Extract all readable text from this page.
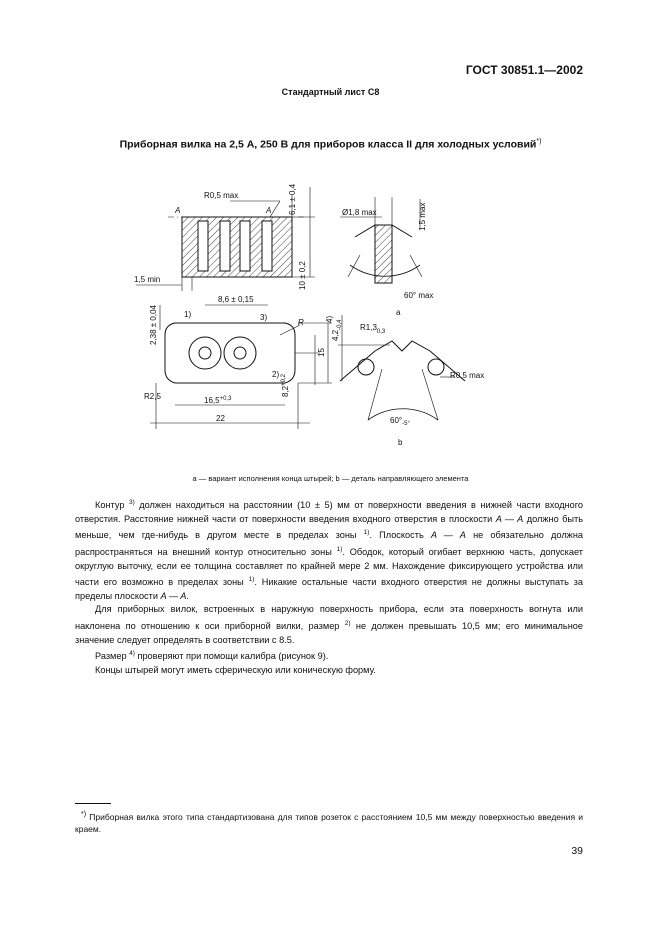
ГОСТ 30851.1—2002
Стандартный лист С8
Приборная вилка на 2,5 А, 250 В для приборов класса II для холодных условий*)
R0,5 max
A	A 6,1 ± 0,4
10 ± 0,2
1,5 min
Ø1,8 max	1,5 max
60° max
a
1)
8,6 ± 0,15
3)
R
2,38 ± 0,04
15
22
$16,5^{+0,3}$
$8,2^{+0,2}$
2)
R2,5
$4,2_{-0,4}$
4)
$R1,3_{0,3}$
R0,5 max
$60^\circ_{-5^\circ}$
b
a — вариант исполнения конца штырей; b — деталь направляющего элемента

Контур $^{3)}$ должен находиться на расстоянии (10 ± 5) мм от поверхности введения в нижней части входного отверстия. Расстояние нижней части от поверхности введения входного отверстия в плоскости A — A должно быть меньше, чем где-нибудь в другом месте в пределах зоны $^{1)}$. Плоскость A — A не обязательно должна распространяться на внешний контур относительно зоны $^{1)}$. Ободок, который огибает верхнюю часть, допускает округлую выточку, если ее толщина составляет по крайней мере 2 мм. Нахождение фиксирующего устройства или части его возможно в пределах зоны $^{1)}$. Никакие остальные части входного отверстия не должны выступать за пределы плоскости A — A.

Для приборных вилок, встроенных в наружную поверхность прибора, если эта поверхность вогнута или наклонена по отношению к оси приборной вилки, размер $^{2)}$ не должен превышать 10,5 мм; его минимальное значение следует определять в соответствии с 8.5.

Размер $^{4)}$ проверяют при помощи калибра (рисунок 9).

Концы штырей могут иметь сферическую или коническую форму.

*) Приборная вилка этого типа стандартизована для типов розеток с расстоянием 10,5 мм между поверхностью введения и краем.

39
